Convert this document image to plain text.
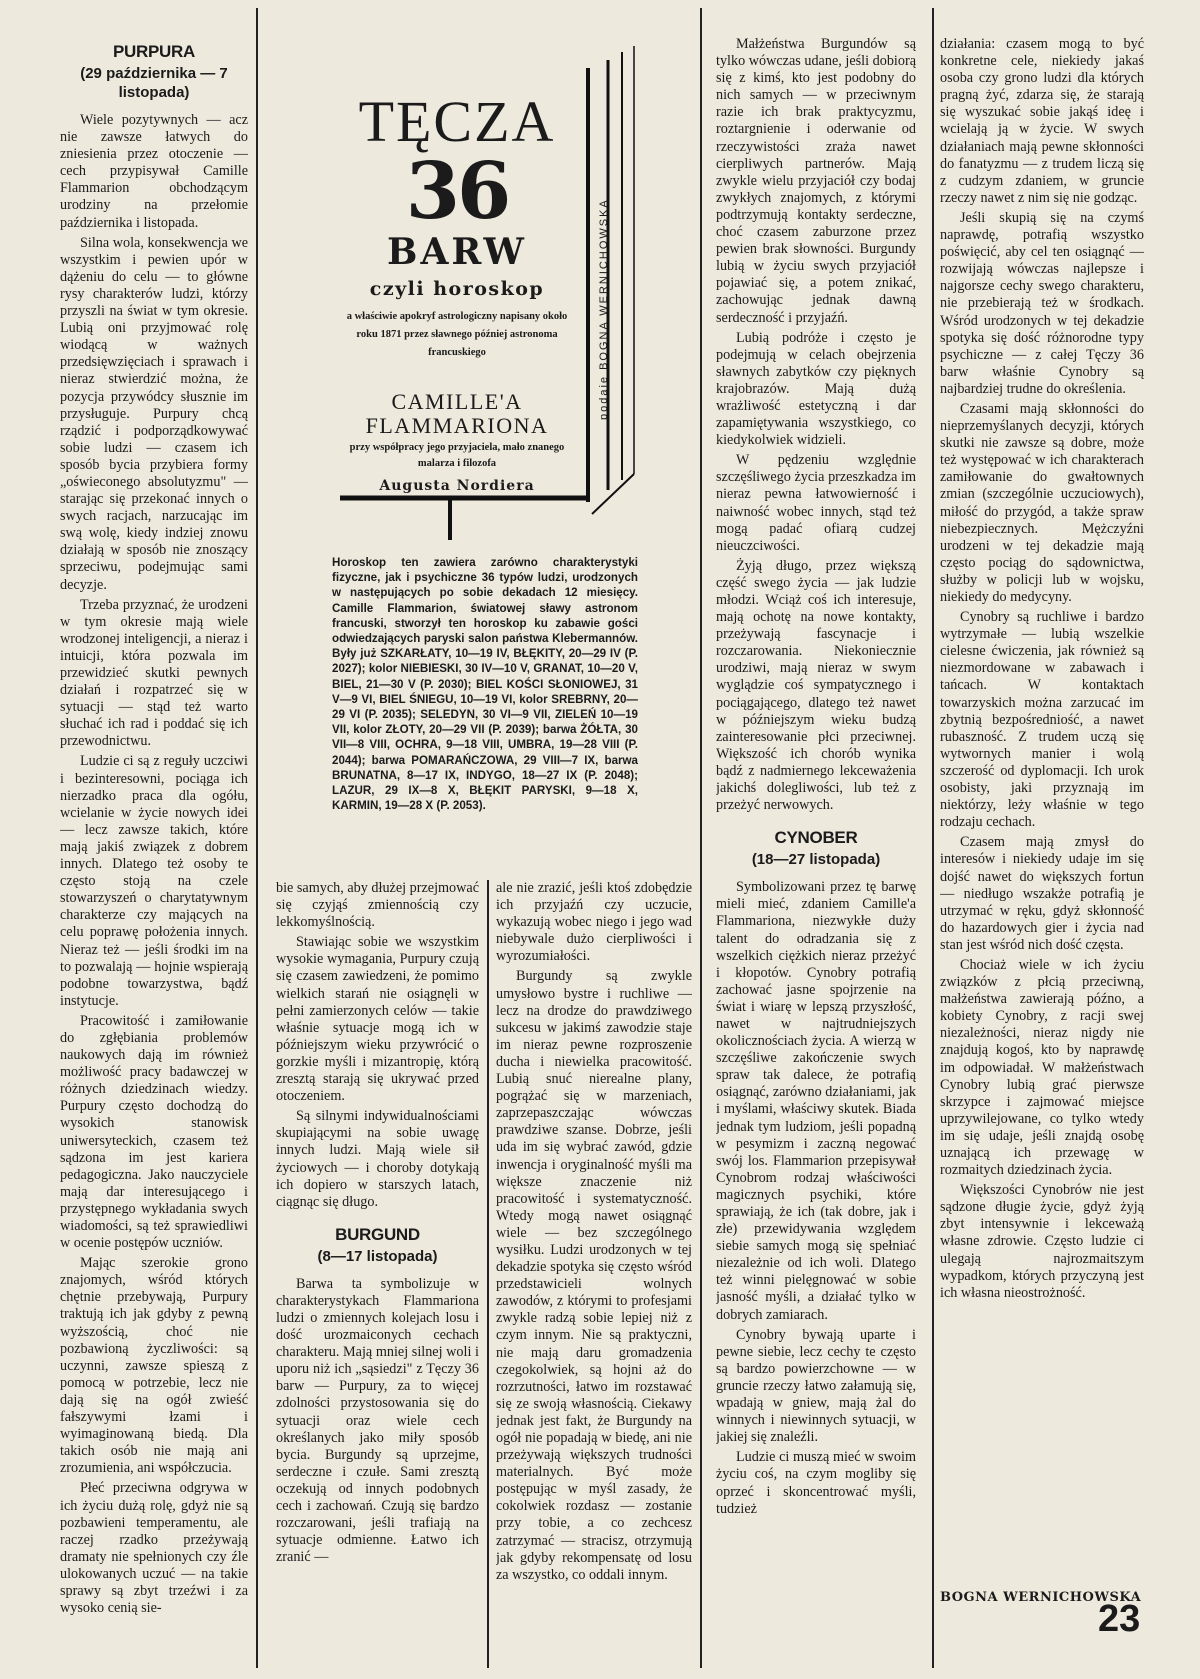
TĘCZA
36
BARW
czyli horoskop
a właściwie apokryf astrologiczny napisany około roku 1871 przez sławnego później astronoma francuskiego
CAMILLE'A FLAMMARIONA
przy współpracy jego przyjaciela, mało znanego malarza i filozofa
Augusta Nordiera
podaje BOGNA WERNICHOWSKA
Horoskop ten zawiera zarówno charakterystyki fizyczne, jak i psychiczne 36 typów ludzi, urodzonych w następujących po sobie dekadach 12 miesięcy. Camille Flammarion, światowej sławy astronom francuski, stworzył ten horoskop ku zabawie gości odwiedzających paryski salon państwa Klebermannów. Były już SZKARŁATY, 10—19 IV, BŁĘKITY, 20—29 IV (P. 2027); kolor NIEBIESKI, 30 IV—10 V, GRANAT, 10—20 V, BIEL, 21—30 V (P. 2030); BIEL KOŚCI SŁONIOWEJ, 31 V—9 VI, BIEL ŚNIEGU, 10—19 VI, kolor SREBRNY, 20—29 VI (P. 2035); SELEDYN, 30 VI—9 VII, ZIELEŃ 10—19 VII, kolor ZŁOTY, 20—29 VII (P. 2039); barwa ŻÓŁTA, 30 VII—8 VIII, OCHRA, 9—18 VIII, UMBRA, 19—28 VIII (P. 2044); barwa POMARAŃCZOWA, 29 VIII—7 IX, barwa BRUNATNA, 8—17 IX, INDYGO, 18—27 IX (P. 2048); LAZUR, 29 IX—8 X, BŁĘKIT PARYSKI, 9—18 X, KARMIN, 19—28 X (P. 2053).
PURPURA
(29 października — 7 listopada)

Wiele pozytywnych — acz nie zawsze łatwych do zniesienia przez otoczenie — cech przypisywał Camille Flammarion obchodzącym urodziny na przełomie października i listopada.

Silna wola, konsekwencja we wszystkim i pewien upór w dążeniu do celu — to główne rysy charakterów ludzi, którzy przyszli na świat w tym okresie. Lubią oni przyjmować rolę wiodącą w ważnych przedsięwzięciach i sprawach i nieraz stwierdzić można, że pozycja przywódcy słusznie im przysługuje. Purpury chcą rządzić i podporządkowywać sobie ludzi — czasem ich sposób bycia przybiera formy „oświeconego absolutyzmu" — starając się przekonać innych o swych racjach, narzucając im swą wolę, kiedy indziej znowu działają w sposób nie znoszący sprzeciwu, podejmując sami decyzje.

Trzeba przyznać, że urodzeni w tym okresie mają wiele wrodzonej inteligencji, a nieraz i intuicji, która pozwala im przewidzieć skutki pewnych działań i rozpatrzeć się w sytuacji — stąd też warto słuchać ich rad i poddać się ich przewodnictwu.

Ludzie ci są z reguły uczciwi i bezinteresowni, pociąga ich nierzadko praca dla ogółu, wcielanie w życie nowych idei — lecz zawsze takich, które mają jakiś związek z dobrem innych. Dlatego też osoby te często stoją na czele stowarzyszeń o charytatywnym charakterze czy mających na celu poprawę położenia innych. Nieraz też — jeśli środki im na to pozwalają — hojnie wspierają podobne towarzystwa, bądź instytucje.

Pracowitość i zamiłowanie do zgłębiania problemów naukowych dają im również możliwość pracy badawczej w różnych dziedzinach wiedzy. Purpury często dochodzą do wysokich stanowisk uniwersyteckich, czasem też sądzona im jest kariera pedagogiczna. Jako nauczyciele mają dar interesującego i przystępnego wykładania swych wiadomości, są też sprawiedliwi w ocenie postępów uczniów.

Mając szerokie grono znajomych, wśród których chętnie przebywają, Purpury traktują ich jak gdyby z pewną wyższością, choć nie pozbawioną życzliwości: są uczynni, zawsze spieszą z pomocą w potrzebie, lecz nie dają się na ogół zwieść fałszywymi łzami i wyimaginowaną biedą. Dla takich osób nie mają ani zrozumienia, ani współczucia.

Płeć przeciwna odgrywa w ich życiu dużą rolę, gdyż nie są pozbawieni temperamentu, ale raczej rzadko przeżywają dramaty nie spełnionych czy źle ulokowanych uczuć — na takie sprawy są zbyt trzeźwi i za wysoko cenią sie-

bie samych, aby dłużej przejmować się czyjąś zmiennością czy lekkomyślnością.

Stawiając sobie we wszystkim wysokie wymagania, Purpury czują się czasem zawiedzeni, że pomimo wielkich starań nie osiągnęli w pełni zamierzonych celów — takie właśnie sytuacje mogą ich w późniejszym wieku przywrócić o gorzkie myśli i mizantropię, którą zresztą starają się ukrywać przed otoczeniem.

Są silnymi indywidualnościami skupiającymi na sobie uwagę innych ludzi. Mają wiele sił życiowych — i choroby dotykają ich dopiero w starszych latach, ciągnąc się długo.

BURGUND
(8—17 listopada)

Barwa ta symbolizuje w charakterystykach Flammariona ludzi o zmiennych kolejach losu i dość urozmaiconych cechach charakteru. Mają mniej silnej woli i uporu niż ich „sąsiedzi" z Tęczy 36 barw — Purpury, za to więcej zdolności przystosowania się do sytuacji oraz wiele cech określanych jako miły sposób bycia. Burgundy są uprzejme, serdeczne i czułe. Sami zresztą oczekują od innych podobnych cech i zachowań. Czują się bardzo rozczarowani, jeśli trafiają na sytuacje odmienne. Łatwo ich zranić —

ale nie zrazić, jeśli ktoś zdobędzie ich przyjaźń czy uczucie, wykazują wobec niego i jego wad niebywale dużo cierpliwości i wyrozumiałości.

Burgundy są zwykle umysłowo bystre i ruchliwe — lecz na drodze do prawdziwego sukcesu w jakimś zawodzie staje im nieraz pewne rozproszenie ducha i niewielka pracowitość. Lubią snuć nierealne plany, pogrążać się w marzeniach, zaprzepaszczając wówczas prawdziwe szanse. Dobrze, jeśli uda im się wybrać zawód, gdzie inwencja i oryginalność myśli ma większe znaczenie niż pracowitość i systematyczność. Wtedy mogą nawet osiągnąć wiele — bez szczególnego wysiłku. Ludzi urodzonych w tej dekadzie spotyka się często wśród przedstawicieli wolnych zawodów, z którymi to profesjami zwykle radzą sobie lepiej niż z czym innym. Nie są praktyczni, nie mają daru gromadzenia czegokolwiek, są hojni aż do rozrzutności, łatwo im rozstawać się ze swoją własnością. Ciekawy jednak jest fakt, że Burgundy na ogół nie popadają w biedę, ani nie przeżywają większych trudności materialnych. Być może postępując w myśl zasady, że cokolwiek rozdasz — zostanie przy tobie, a co zechcesz zatrzymać — stracisz, otrzymują jak gdyby rekompensatę od losu za wszystko, co oddali innym.

Małżeństwa Burgundów są tylko wówczas udane, jeśli dobiorą się z kimś, kto jest podobny do nich samych — w przeciwnym razie ich brak praktycyzmu, roztargnienie i oderwanie od rzeczywistości zraża nawet cierpliwych partnerów. Mają zwykle wielu przyjaciół czy bodaj zwykłych znajomych, z którymi podtrzymują kontakty serdeczne, choć czasem zaburzone przez pewien brak słowności. Burgundy lubią w życiu swych przyjaciół pojawiać się, a potem znikać, zachowując jednak dawną serdeczność i przyjaźń.

Lubią podróże i często je podejmują w celach obejrzenia sławnych zabytków czy pięknych krajobrazów. Mają dużą wrażliwość estetyczną i dar zapamiętywania wszystkiego, co kiedykolwiek widzieli.

W pędzeniu względnie szczęśliwego życia przeszkadza im nieraz pewna łatwowierność i naiwność wobec innych, stąd też mogą padać ofiarą cudzej nieuczciwości.

Żyją długo, przez większą część swego życia — jak ludzie młodzi. Wciąż coś ich interesuje, mają ochotę na nowe kontakty, przeżywają fascynacje i rozczarowania. Niekoniecznie urodziwi, mają nieraz w swym wyglądzie coś sympatycznego i pociągającego, dlatego też nawet w późniejszym wieku budzą zainteresowanie płci przeciwnej. Większość ich chorób wynika bądź z nadmiernego lekceważenia jakichś dolegliwości, lub też z przeżyć nerwowych.

CYNOBER
(18—27 listopada)

Symbolizowani przez tę barwę mieli mieć, zdaniem Camille'a Flammariona, niezwykłe duży talent do odradzania się z wszelkich ciężkich nieraz przeżyć i kłopotów. Cynobry potrafią zachować jasne spojrzenie na świat i wiarę w lepszą przyszłość, nawet w najtrudniejszych okolicznościach życia. A wierzą w szczęśliwe zakończenie swych spraw tak dalece, że potrafią osiągnąć, zarówno działaniami, jak i myślami, właściwy skutek. Biada jednak tym ludziom, jeśli popadną w pesymizm i zaczną negować swój los. Flammarion przepisywał Cynobrom rodzaj właściwości magicznych psychiki, które sprawiają, że ich (tak dobre, jak i złe) przewidywania względem siebie samych mogą się spełniać niezależnie od ich woli. Dlatego też winni pielęgnować w sobie jasność myśli, a działać tylko w dobrych zamiarach.

Cynobry bywają uparte i pewne siebie, lecz cechy te często są bardzo powierzchowne — w gruncie rzeczy łatwo załamują się, wpadają w gniew, mają żal do winnych i niewinnych sytuacji, w jakiej się znaleźli.

Ludzie ci muszą mieć w swoim życiu coś, na czym mogliby się oprzeć i skoncentrować myśli, tudzież

działania: czasem mogą to być konkretne cele, niekiedy jakaś osoba czy grono ludzi dla których pragną żyć, zdarza się, że starają się wyszukać sobie jakąś ideę i wcielają ją w życie. W swych działaniach mają pewne skłonności do fanatyzmu — z trudem liczą się z cudzym zdaniem, w gruncie rzeczy nawet z nim się nie godząc.

Jeśli skupią się na czymś naprawdę, potrafią wszystko poświęcić, aby cel ten osiągnąć — rozwijają wówczas najlepsze i najgorsze cechy swego charakteru, nie przebierają też w środkach. Wśród urodzonych w tej dekadzie spotyka się dość różnorodne typy psychiczne — z całej Tęczy 36 barw właśnie Cynobry są najbardziej trudne do określenia.

Czasami mają skłonności do nieprzemyślanych decyzji, których skutki nie zawsze są dobre, może też występować w ich charakterach zamiłowanie do gwałtownych zmian (szczególnie uczuciowych), miłość do przygód, a także spraw niebezpiecznych. Mężczyźni urodzeni w tej dekadzie mają często pociąg do sądownictwa, służby w policji lub w wojsku, niekiedy do medycyny.

Cynobry są ruchliwe i bardzo wytrzymałe — lubią wszelkie cielesne ćwiczenia, jak również są niezmordowane w zabawach i tańcach. W kontaktach towarzyskich można zarzucać im zbytnią bezpośredniość, a nawet rubaszność. Z trudem uczą się wytwornych manier i wolą szczerość od dyplomacji. Ich urok osobisty, jaki przyznają im niektórzy, leży właśnie w tego rodzaju cechach.

Czasem mają zmysł do interesów i niekiedy udaje im się dojść nawet do większych fortun — niedługo wszakże potrafią je utrzymać w ręku, gdyż skłonność do hazardowych gier i życia nad stan jest wśród nich dość częsta.

Chociaż wiele w ich życiu związków z płcią przeciwną, małżeństwa zawierają późno, a kobiety Cynobry, z racji swej niezależności, nieraz nigdy nie znajdują kogoś, kto by naprawdę im odpowiadał. W małżeństwach Cynobry lubią grać pierwsze skrzypce i zajmować miejsce uprzywilejowane, co tylko wtedy im się udaje, jeśli znajdą osobę uznającą ich przewagę w rozmaitych dziedzinach życia.

Większości Cynobrów nie jest sądzone długie życie, gdyż żyją zbyt intensywnie i lekceważą własne zdrowie. Często ludzie ci ulegają najrozmaitszym wypadkom, których przyczyną jest ich własna nieostrożność.

BOGNA WERNICHOWSKA
23
